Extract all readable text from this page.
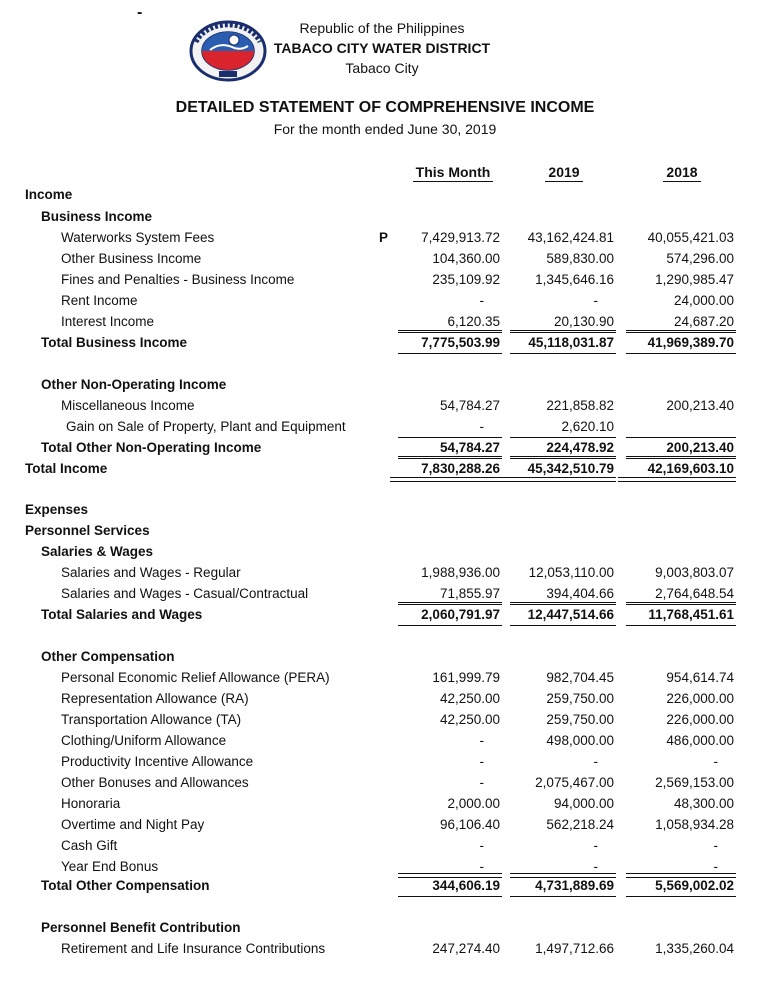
-
Republic of the Philippines
TABACO CITY WATER DISTRICT
Tabaco City
DETAILED STATEMENT OF COMPREHENSIVE INCOME
For the month ended June 30, 2019
This Month	2019	2018
Income
Business Income
Waterworks System Fees	P	7,429,913.72	43,162,424.81	40,055,421.03
Other Business Income	104,360.00	589,830.00	574,296.00
Fines and Penalties - Business Income	235,109.92	1,345,646.16	1,290,985.47
Rent Income	-	-	24,000.00
Interest Income	6,120.35	20,130.90	24,687.20
Total Business Income	7,775,503.99	45,118,031.87	41,969,389.70
Other Non-Operating Income
Miscellaneous Income	54,784.27	221,858.82	200,213.40
Gain on Sale of Property, Plant and Equipment	-	2,620.10
Total Other Non-Operating Income	54,784.27	224,478.92	200,213.40
Total Income	7,830,288.26	45,342,510.79	42,169,603.10
Expenses
Personnel Services
Salaries & Wages
Salaries and Wages - Regular	1,988,936.00	12,053,110.00	9,003,803.07
Salaries and Wages - Casual/Contractual	71,855.97	394,404.66	2,764,648.54
Total Salaries and Wages	2,060,791.97	12,447,514.66	11,768,451.61
Other Compensation
Personal Economic Relief Allowance (PERA)	161,999.79	982,704.45	954,614.74
Representation Allowance (RA)	42,250.00	259,750.00	226,000.00
Transportation Allowance (TA)	42,250.00	259,750.00	226,000.00
Clothing/Uniform Allowance	-	498,000.00	486,000.00
Productivity Incentive Allowance	-	-	-
Other Bonuses and Allowances	-	2,075,467.00	2,569,153.00
Honoraria	2,000.00	94,000.00	48,300.00
Overtime and Night Pay	96,106.40	562,218.24	1,058,934.28
Cash Gift	-	-	-
Year End Bonus	-	-	-
Total Other Compensation	344,606.19	4,731,889.69	5,569,002.02
Personnel Benefit Contribution
Retirement and Life Insurance Contributions	247,274.40	1,497,712.66	1,335,260.04
